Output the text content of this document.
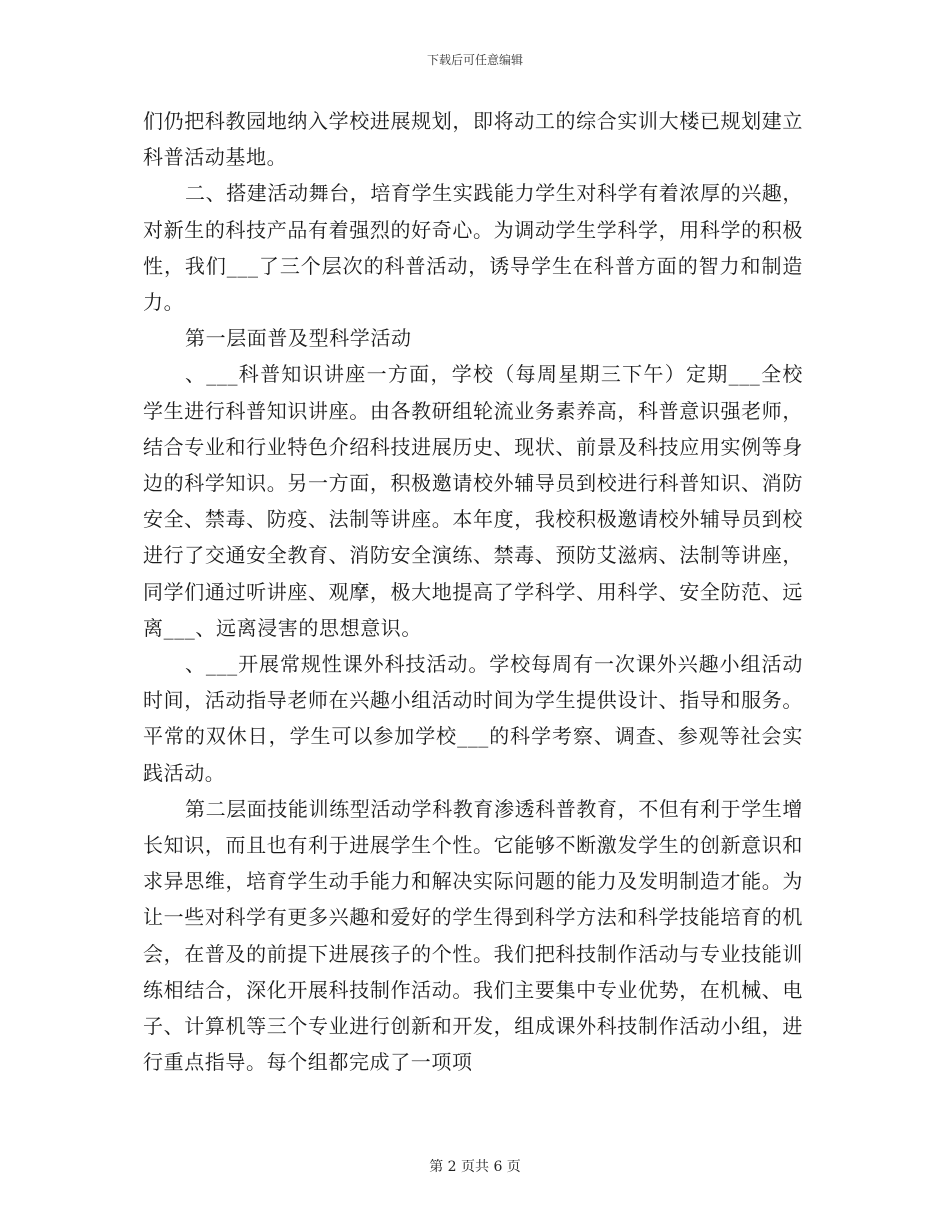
下载后可任意编辑

们仍把科教园地纳入学校进展规划，即将动工的综合实训大楼已规划建立科普活动基地。

二、搭建活动舞台，培育学生实践能力学生对科学有着浓厚的兴趣，对新生的科技产品有着强烈的好奇心。为调动学生学科学，用科学的积极性，我们___了三个层次的科普活动，诱导学生在科普方面的智力和制造力。

第一层面普及型科学活动

、___科普知识讲座一方面，学校（每周星期三下午）定期___全校学生进行科普知识讲座。由各教研组轮流业务素养高，科普意识强老师，结合专业和行业特色介绍科技进展历史、现状、前景及科技应用实例等身边的科学知识。另一方面，积极邀请校外辅导员到校进行科普知识、消防安全、禁毒、防疫、法制等讲座。本年度，我校积极邀请校外辅导员到校进行了交通安全教育、消防安全演练、禁毒、预防艾滋病、法制等讲座，同学们通过听讲座、观摩，极大地提高了学科学、用科学、安全防范、远离___、远离浸害的思想意识。

、___开展常规性课外科技活动。学校每周有一次课外兴趣小组活动时间，活动指导老师在兴趣小组活动时间为学生提供设计、指导和服务。平常的双休日，学生可以参加学校___的科学考察、调查、参观等社会实践活动。

第二层面技能训练型活动学科教育渗透科普教育，不但有利于学生增长知识，而且也有利于进展学生个性。它能够不断激发学生的创新意识和求异思维，培育学生动手能力和解决实际问题的能力及发明制造才能。为让一些对科学有更多兴趣和爱好的学生得到科学方法和科学技能培育的机会，在普及的前提下进展孩子的个性。我们把科技制作活动与专业技能训练相结合，深化开展科技制作活动。我们主要集中专业优势，在机械、电子、计算机等三个专业进行创新和开发，组成课外科技制作活动小组，进行重点指导。每个组都完成了一项项

第 2 页共 6 页
